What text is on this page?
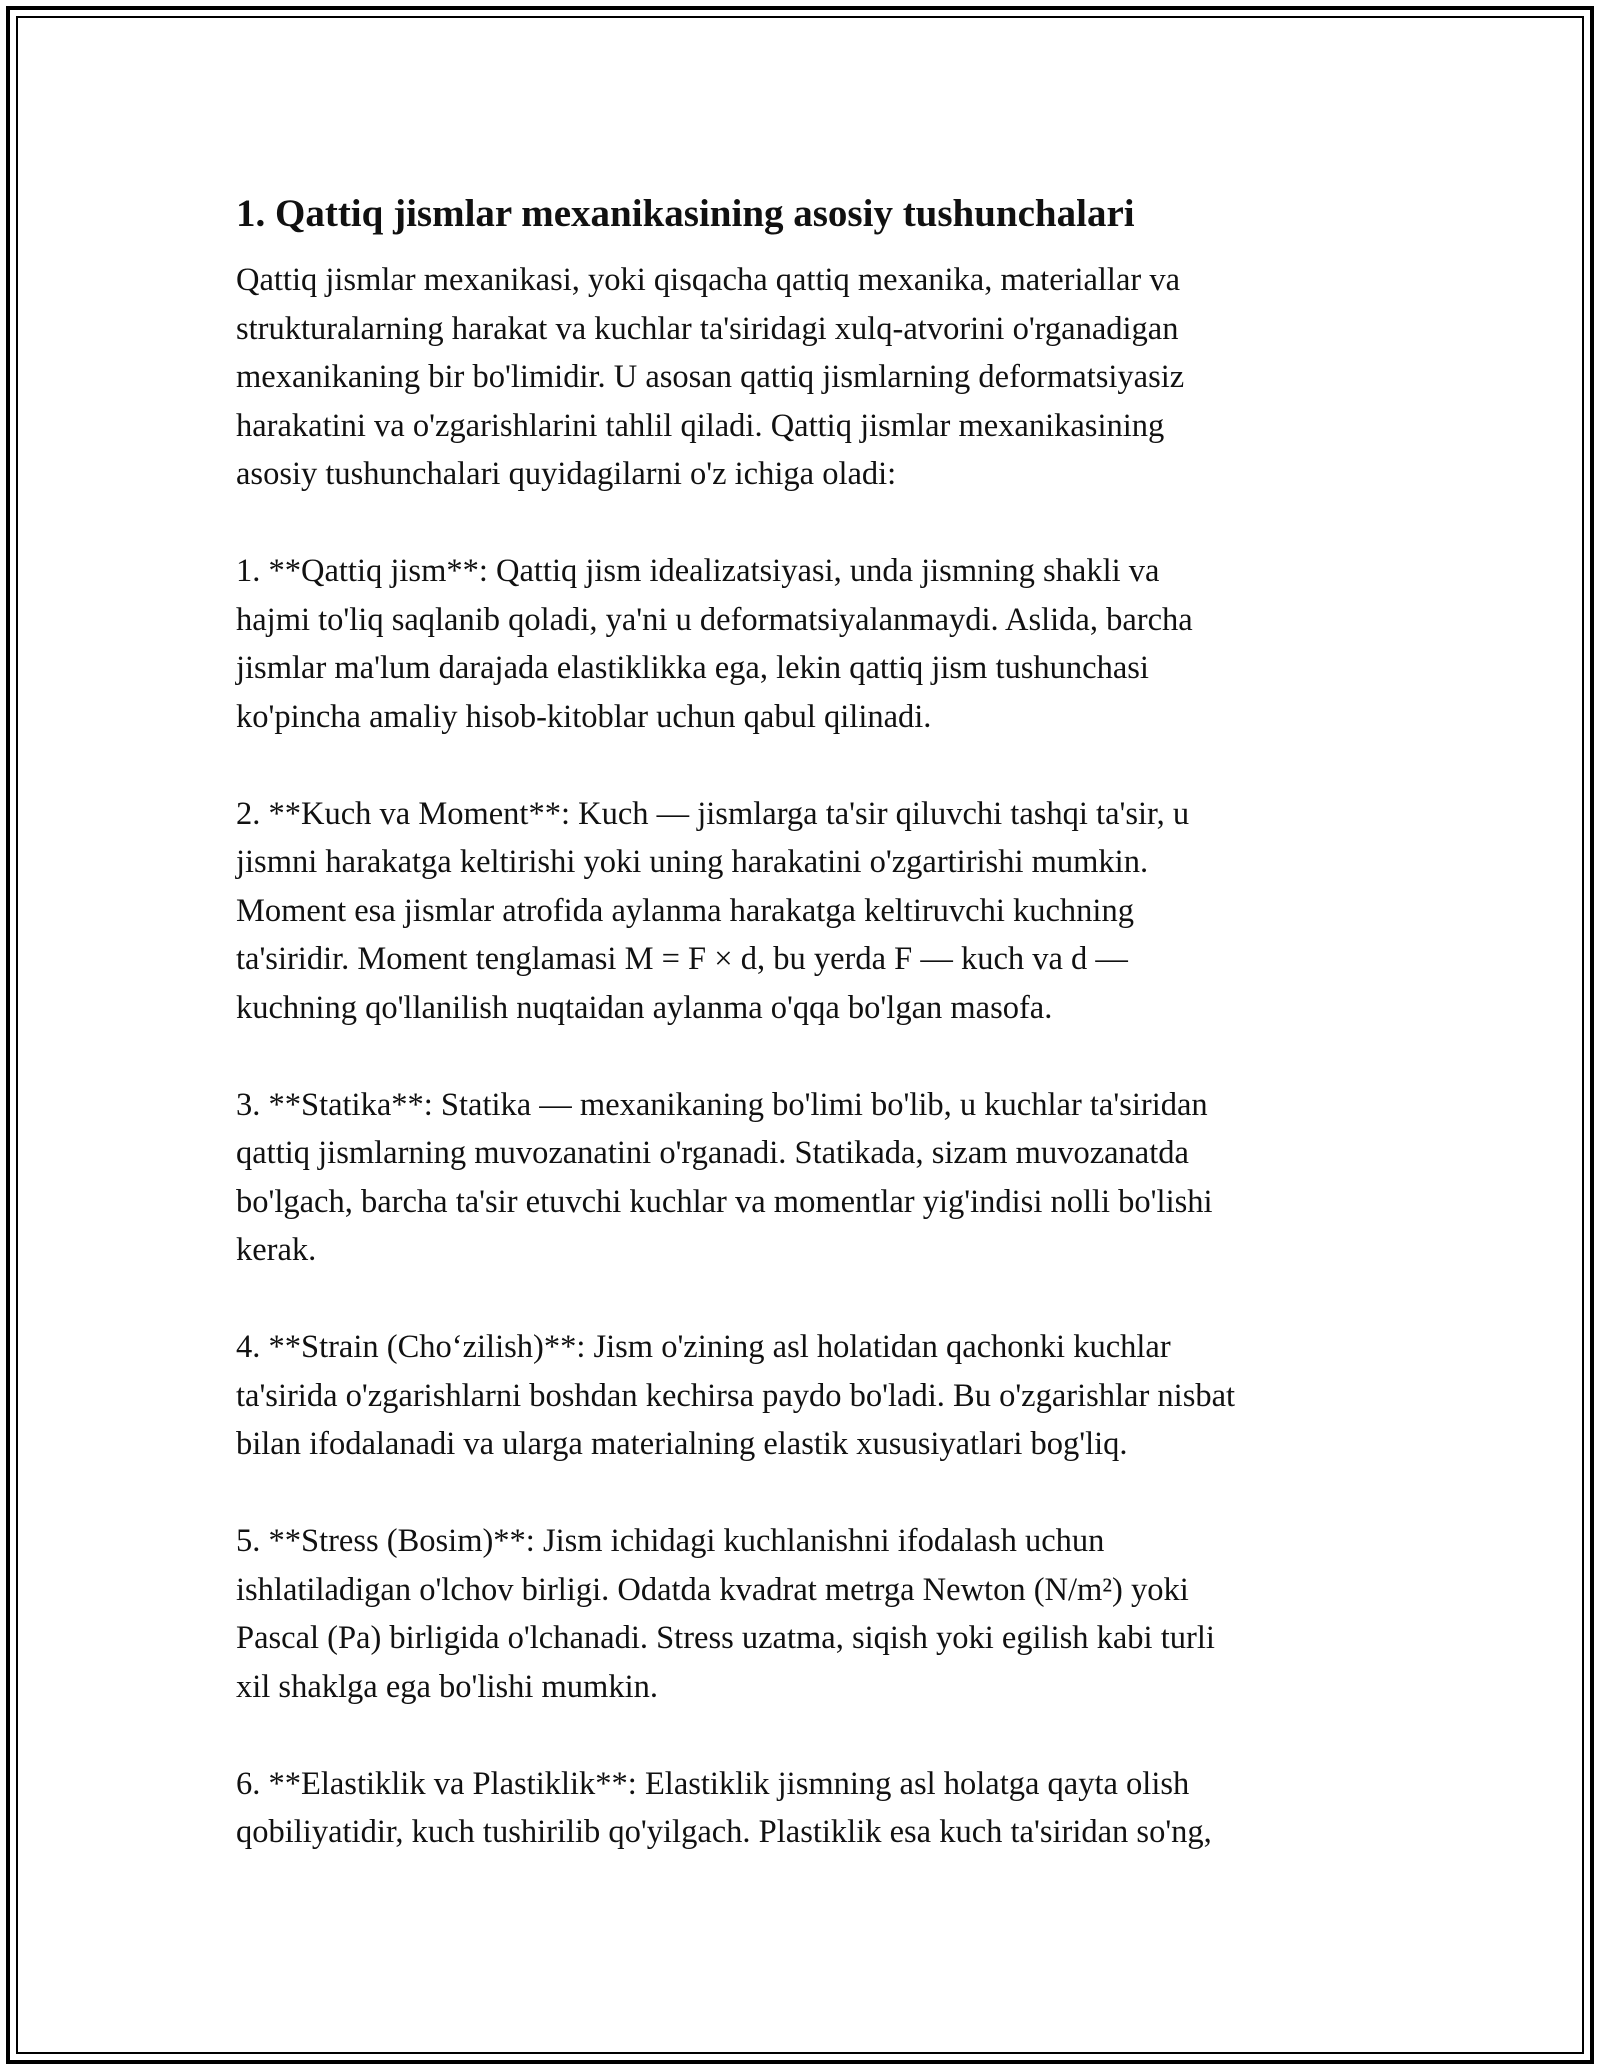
1. Qattiq jismlar mexanikasining asosiy tushunchalari
Qattiq jismlar mexanikasi, yoki qisqacha qattiq mexanika, materiallar va
strukturalarning harakat va kuchlar ta'siridagi xulq-atvorini o'rganadigan
mexanikaning bir bo'limidir. U asosan qattiq jismlarning deformatsiyasiz
harakatini va o'zgarishlarini tahlil qiladi. Qattiq jismlar mexanikasining
asosiy tushunchalari quyidagilarni o'z ichiga oladi:
1. **Qattiq jism**: Qattiq jism idealizatsiyasi, unda jismning shakli va
hajmi to'liq saqlanib qoladi, ya'ni u deformatsiyalanmaydi. Aslida, barcha
jismlar ma'lum darajada elastiklikka ega, lekin qattiq jism tushunchasi
ko'pincha amaliy hisob-kitoblar uchun qabul qilinadi.
2. **Kuch va Moment**: Kuch — jismlarga ta'sir qiluvchi tashqi ta'sir, u
jismni harakatga keltirishi yoki uning harakatini o'zgartirishi mumkin.
Moment esa jismlar atrofida aylanma harakatga keltiruvchi kuchning
ta'siridir. Moment tenglamasi M = F × d, bu yerda F — kuch va d —
kuchning qo'llanilish nuqtaidan aylanma o'qqa bo'lgan masofa.
3. **Statika**: Statika — mexanikaning bo'limi bo'lib, u kuchlar ta'siridan
qattiq jismlarning muvozanatini o'rganadi. Statikada, sizam muvozanatda
bo'lgach, barcha ta'sir etuvchi kuchlar va momentlar yig'indisi nolli bo'lishi
kerak.
4. **Strain (Cho‘zilish)**: Jism o'zining asl holatidan qachonki kuchlar
ta'sirida o'zgarishlarni boshdan kechirsa paydo bo'ladi. Bu o'zgarishlar nisbat
bilan ifodalanadi va ularga materialning elastik xususiyatlari bog'liq.
5. **Stress (Bosim)**: Jism ichidagi kuchlanishni ifodalash uchun
ishlatiladigan o'lchov birligi. Odatda kvadrat metrga Newton (N/m²) yoki
Pascal (Pa) birligida o'lchanadi. Stress uzatma, siqish yoki egilish kabi turli
xil shaklga ega bo'lishi mumkin.
6. **Elastiklik va Plastiklik**: Elastiklik jismning asl holatga qayta olish
qobiliyatidir, kuch tushirilib qo'yilgach. Plastiklik esa kuch ta'siridan so'ng,
